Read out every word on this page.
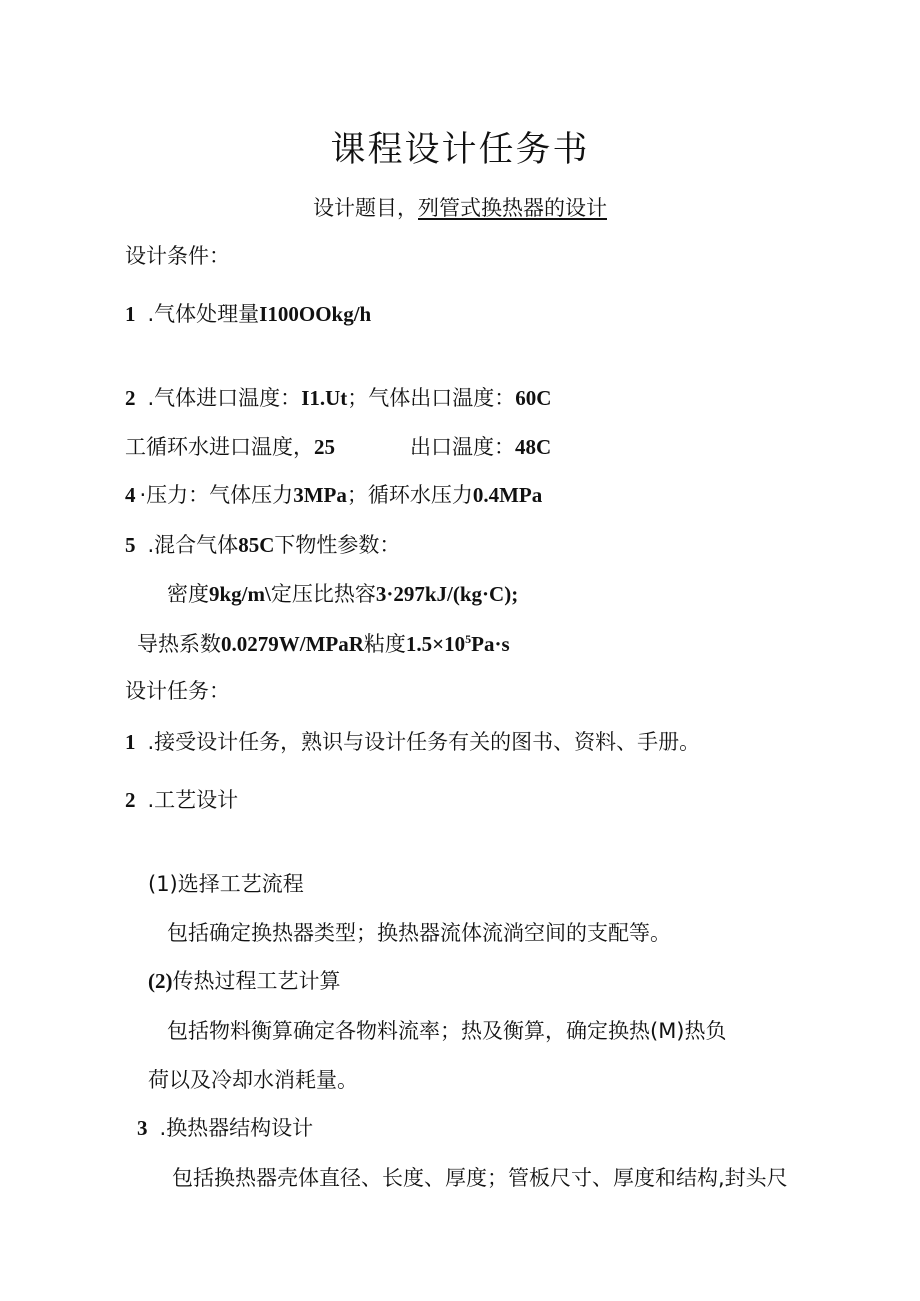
课程设计任务书
设计题目，列管式换热器的设计
设计条件：
1 .气体处理量I100OOkg/h
2 .气体进口温度：I1.Ut；气体出口温度：60C
工循环水进口温度，25	出口温度：48C
4 ·压力：气体压力3MPa；循环水压力0.4MPa
5 .混合气体85C下物性参数：
密度9kg/m\定压比热容3·297kJ/(kg·C);
导热系数0.0279W/MPaR粘度$1.5\times 10^5Pa\cdot s$
设计任务：
1 .接受设计任务，熟识与设计任务有关的图书、资料、手册。
2 .工艺设计
(1)选择工艺流程
包括确定换热器类型；换热器流体流淌空间的支配等。
(2)传热过程工艺计算
包括物料衡算确定各物料流率；热及衡算，确定换热(M)热负
荷以及冷却水消耗量。
3 .换热器结构设计
包括换热器壳体直径、长度、厚度；管板尺寸、厚度和结构,封头尺
